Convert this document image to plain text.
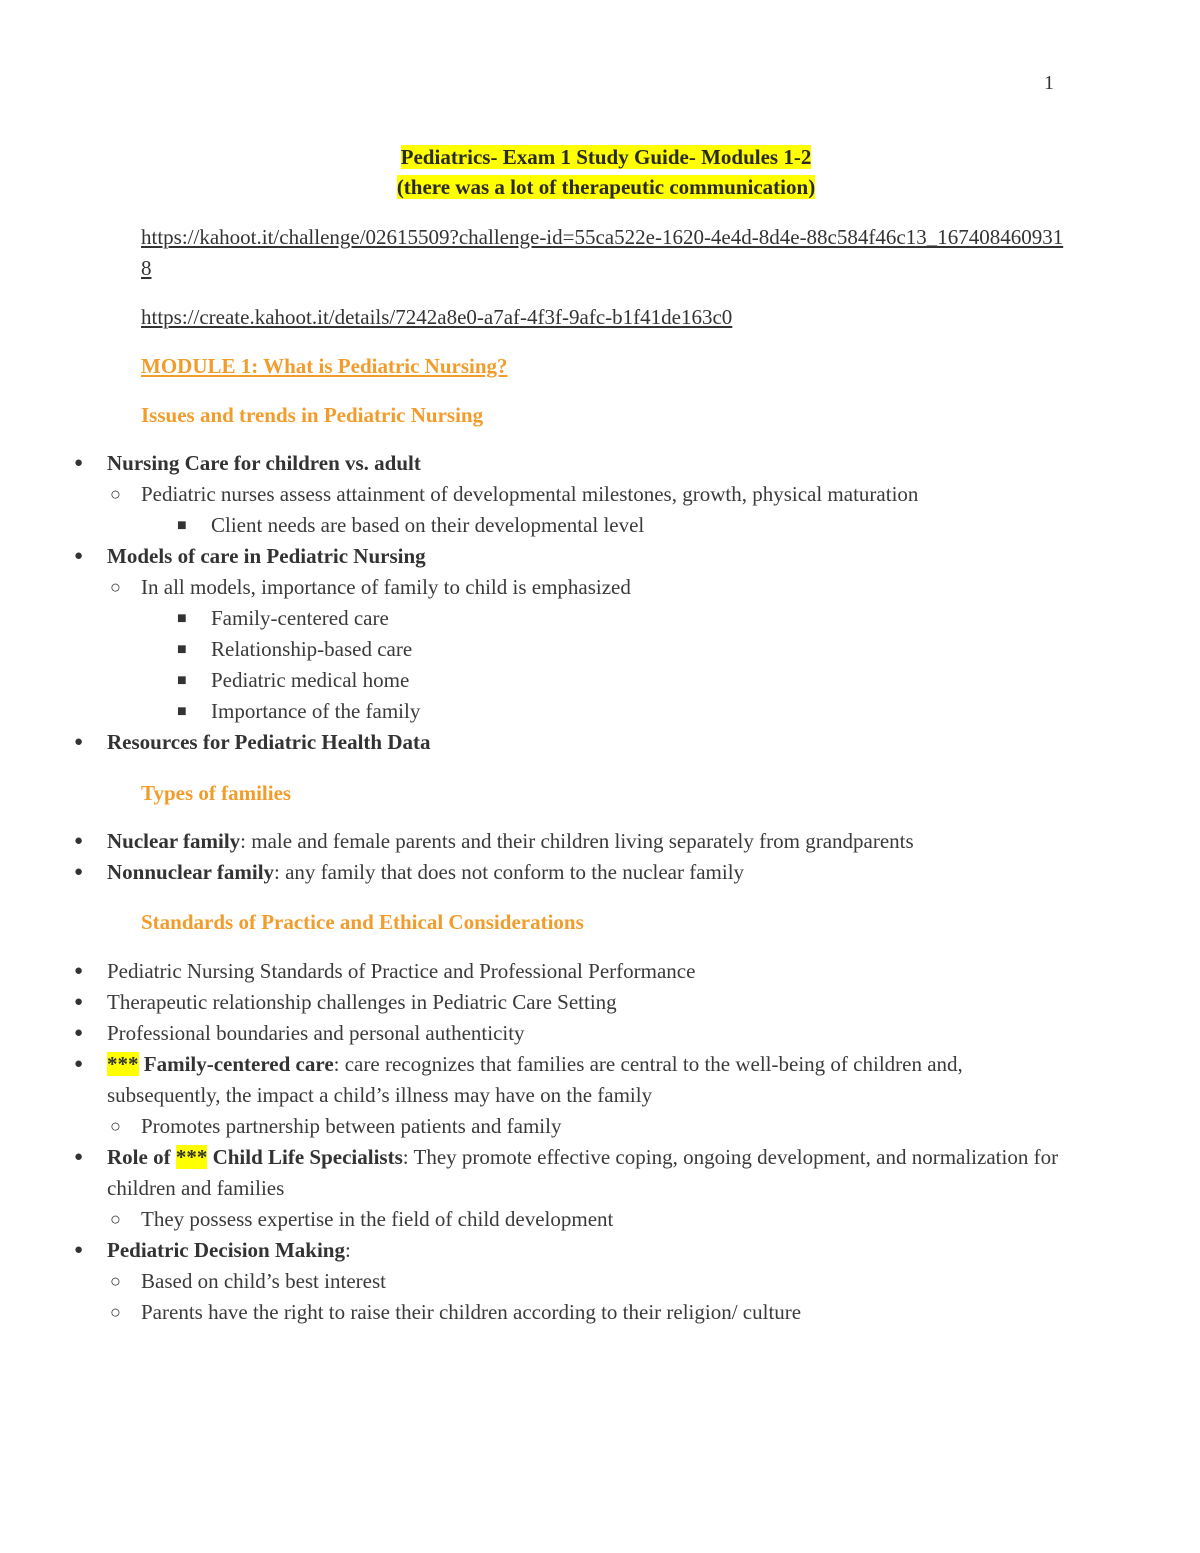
1
Pediatrics- Exam 1 Study Guide- Modules 1-2
(there was a lot of therapeutic communication)
https://kahoot.it/challenge/02615509?challenge-id=55ca522e-1620-4e4d-8d4e-88c584f46c13_1674084609318
https://create.kahoot.it/details/7242a8e0-a7af-4f3f-9afc-b1f41de163c0
MODULE 1: What is Pediatric Nursing?
Issues and trends in Pediatric Nursing
● Nursing Care for children vs. adult
○ Pediatric nurses assess attainment of developmental milestones, growth, physical maturation
■ Client needs are based on their developmental level
● Models of care in Pediatric Nursing
○ In all models, importance of family to child is emphasized
■ Family-centered care
■ Relationship-based care
■ Pediatric medical home
■ Importance of the family
● Resources for Pediatric Health Data
Types of families
● Nuclear family: male and female parents and their children living separately from grandparents
● Nonnuclear family: any family that does not conform to the nuclear family
Standards of Practice and Ethical Considerations
● Pediatric Nursing Standards of Practice and Professional Performance
● Therapeutic relationship challenges in Pediatric Care Setting
● Professional boundaries and personal authenticity
● *** Family-centered care: care recognizes that families are central to the well-being of children and, subsequently, the impact a child’s illness may have on the family
○ Promotes partnership between patients and family
● Role of *** Child Life Specialists: They promote effective coping, ongoing development, and normalization for children and families
○ They possess expertise in the field of child development
● Pediatric Decision Making:
○ Based on child’s best interest
○ Parents have the right to raise their children according to their religion/ culture
